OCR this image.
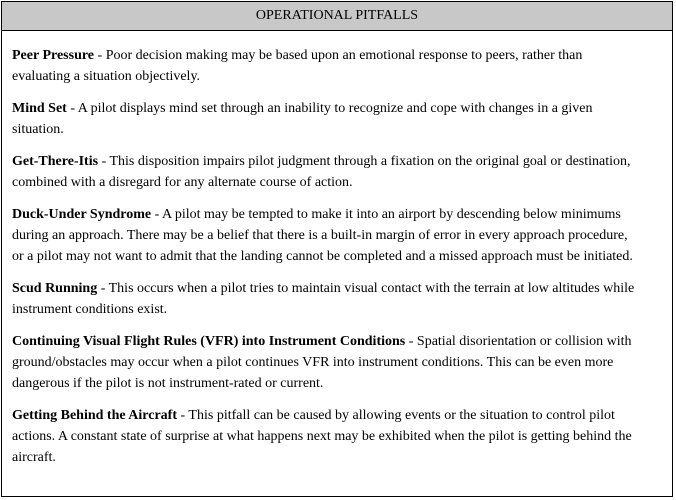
OPERATIONAL PITFALLS

Peer Pressure - Poor decision making may be based upon an emotional response to peers, rather than evaluating a situation objectively.

Mind Set - A pilot displays mind set through an inability to recognize and cope with changes in a given situation.

Get-There-Itis - This disposition impairs pilot judgment through a fixation on the original goal or destination, combined with a disregard for any alternate course of action.

Duck-Under Syndrome - A pilot may be tempted to make it into an airport by descending below minimums during an approach. There may be a belief that there is a built-in margin of error in every approach procedure, or a pilot may not want to admit that the landing cannot be completed and a missed approach must be initiated.

Scud Running - This occurs when a pilot tries to maintain visual contact with the terrain at low altitudes while instrument conditions exist.

Continuing Visual Flight Rules (VFR) into Instrument Conditions - Spatial disorientation or collision with ground/obstacles may occur when a pilot continues VFR into instrument conditions. This can be even more dangerous if the pilot is not instrument-rated or current.

Getting Behind the Aircraft - This pitfall can be caused by allowing events or the situation to control pilot actions. A constant state of surprise at what happens next may be exhibited when the pilot is getting behind the aircraft.
